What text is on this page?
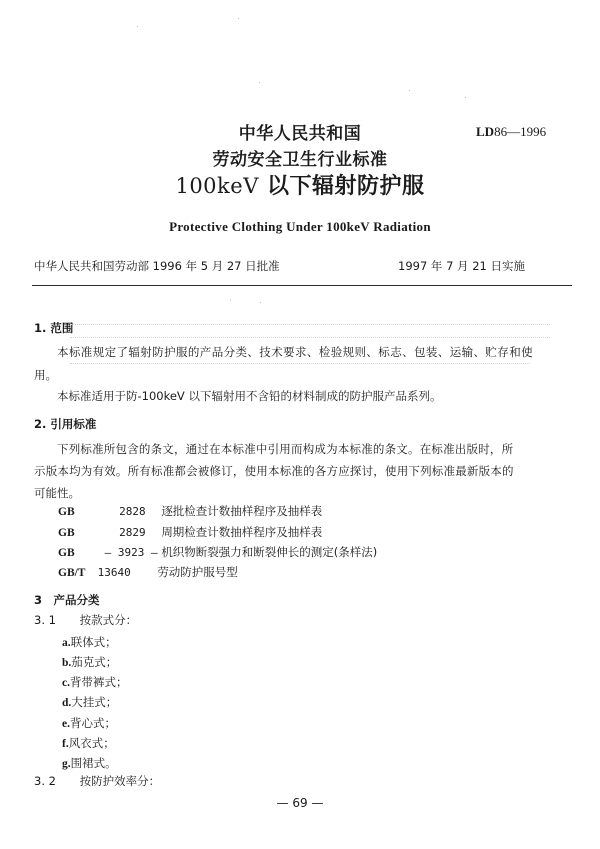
中华人民共和国
劳动安全卫生行业标准
100keV 以下辐射防护服
LD86—1996
Protective Clothing Under 100keV Radiation
中华人民共和国劳动部 1996 年 5 月 27 日批准	1997 年 7 月 21 日实施
1. 范围
本标准规定了辐射防护服的产品分类、技术要求、检验规则、标志、包装、运输、贮存和使
用。
本标准适用于防-100keV 以下辐射用不含铅的材料制成的防护服产品系列。
2. 引用标准
下列标准所包含的条文，通过在本标准中引用而构成为本标准的条文。在标准出版时，所
示版本均为有效。所有标准都会被修订，使用本标准的各方应探讨，使用下列标准最新版本的
可能性。
GB	2828 逐批检查计数抽样程序及抽样表
GB	2829 周期检查计数抽样程序及抽样表
GB	— 3923 – 机织物断裂强力和断裂伸长的测定(条样法)
GB/T 13640 劳动防护服号型
3　产品分类
3. 1 按款式分：
a.联体式；
b.茄克式；
c.背带裤式；
d.大挂式；
e.背心式；
f.风衣式；
g.围裙式。
3. 2 按防护效率分：
— 69 —
